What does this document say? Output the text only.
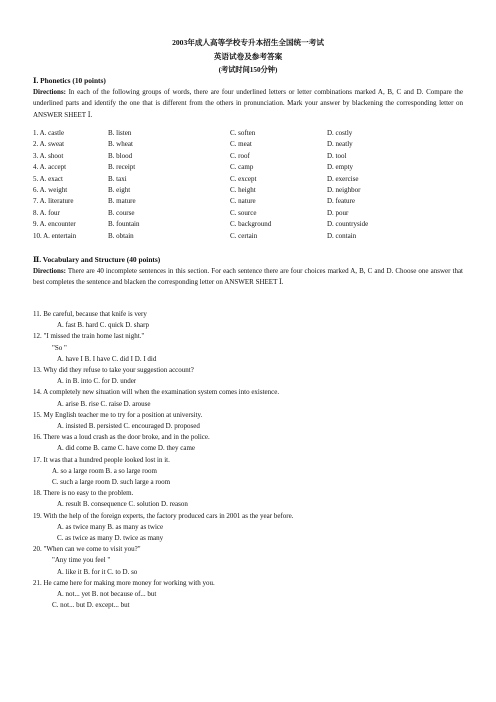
2003年成人高等学校专升本招生全国统一考试
英语试卷及参考答案
(考试时间150分钟)
Ⅰ. Phonetics (10 points)
Directions: In each of the following groups of words, there are four underlined letters or letter combinations marked A, B, C and D. Compare the underlined parts and identify the one that is different from the others in pronunciation. Mark your answer by blackening the corresponding letter on ANSWER SHEET Ⅰ.
1. A. castle	B. listen	C. soften	D. costly
2. A. sweat	B. wheat	C. meat	D. neatly
3. A. shoot	B. blood	C. roof	D. tool
4. A. accept	B. receipt	C. camp	D. empty
5. A. exact	B. taxi	C. except	D. exercise
6. A. weight	B. eight	C. height	D. neighbor
7. A. literature	B. mature	C. nature	D. feature
8. A. four	B. course	C. source	D. pour
9. A. encounter	B. fountain	C. background	D. countryside
10. A. entertain	B. obtain	C. certain	D. contain
Ⅱ. Vocabulary and Structure (40 points)
Directions: There are 40 incomplete sentences in this section. For each sentence there are four choices marked A, B, C and D. Choose one answer that best completes the sentence and blacken the corresponding letter on ANSWER SHEET Ⅰ.
11. Be careful, because that knife is very
A. fast B. hard C. quick D. sharp
12. "I missed the train home last night."
"So "
A. have I B. I have C. did I D. I did
13. Why did they refuse to take your suggestion account?
A. in B. into C. for D. under
14. A completely new situation will when the examination system comes into existence.
A. arise B. rise C. raise D. arouse
15. My English teacher me to try for a position at university.
A. insisted B. persisted C. encouraged D. proposed
16. There was a loud crash as the door broke, and in the police.
A. did come B. came C. have come D. they came
17. It was that a hundred people looked lost in it.
A. so a large room B. a so large room
C. such a large room D. such large a room
18. There is no easy to the problem.
A. result B. consequence C. solution D. reason
19. With the help of the foreign experts, the factory produced cars in 2001 as the year before.
A. as twice many B. as many as twice
C. as twice as many D. twice as many
20. "When can we come to visit you?"
"Any time you feel "
A. like it B. for it C. to D. so
21. He came here for making more money for working with you.
A. not... yet B. not because of... but
C. not... but D. except... but
